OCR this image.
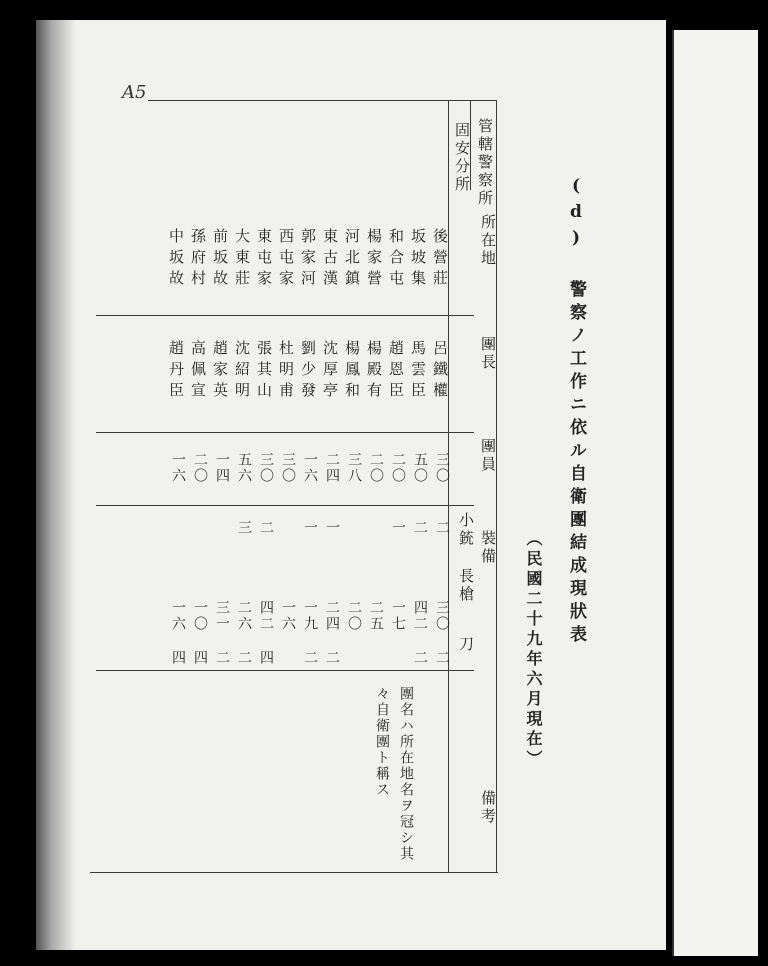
A5
(d) 警察ノ工作ニ依ル自衛團結成現狀表
（民國二十九年六月現在）
管轄警察所
所在地
團長
團員
裝備
小銃
長槍
刀
備考
固安分所
後營莊
呂鐵權
三〇
二
三〇
二
坂坡集
馬雲臣
五〇
二
四二
二
和合屯
趙恩臣
二〇
一
一七
楊家營
楊殿有
二〇
二五
河北鎮
楊鳳和
三八
二〇
東古漢
沈厚亭
二四
一
二四
二
郭家河
劉少發
一六
一
一九
二
西屯家
杜明甫
三〇
一六
東屯家
張其山
三〇
二
四二
四
大東莊
沈紹明
五六
三
二六
二
前坂故
趙家英
一四
三一
二
孫府村
高佩宣
二〇
一〇
四
中坂故
趙丹臣
一六
一六
四
團名ハ所在地名ヲ冠シ其
々自衛團ト稱ス
